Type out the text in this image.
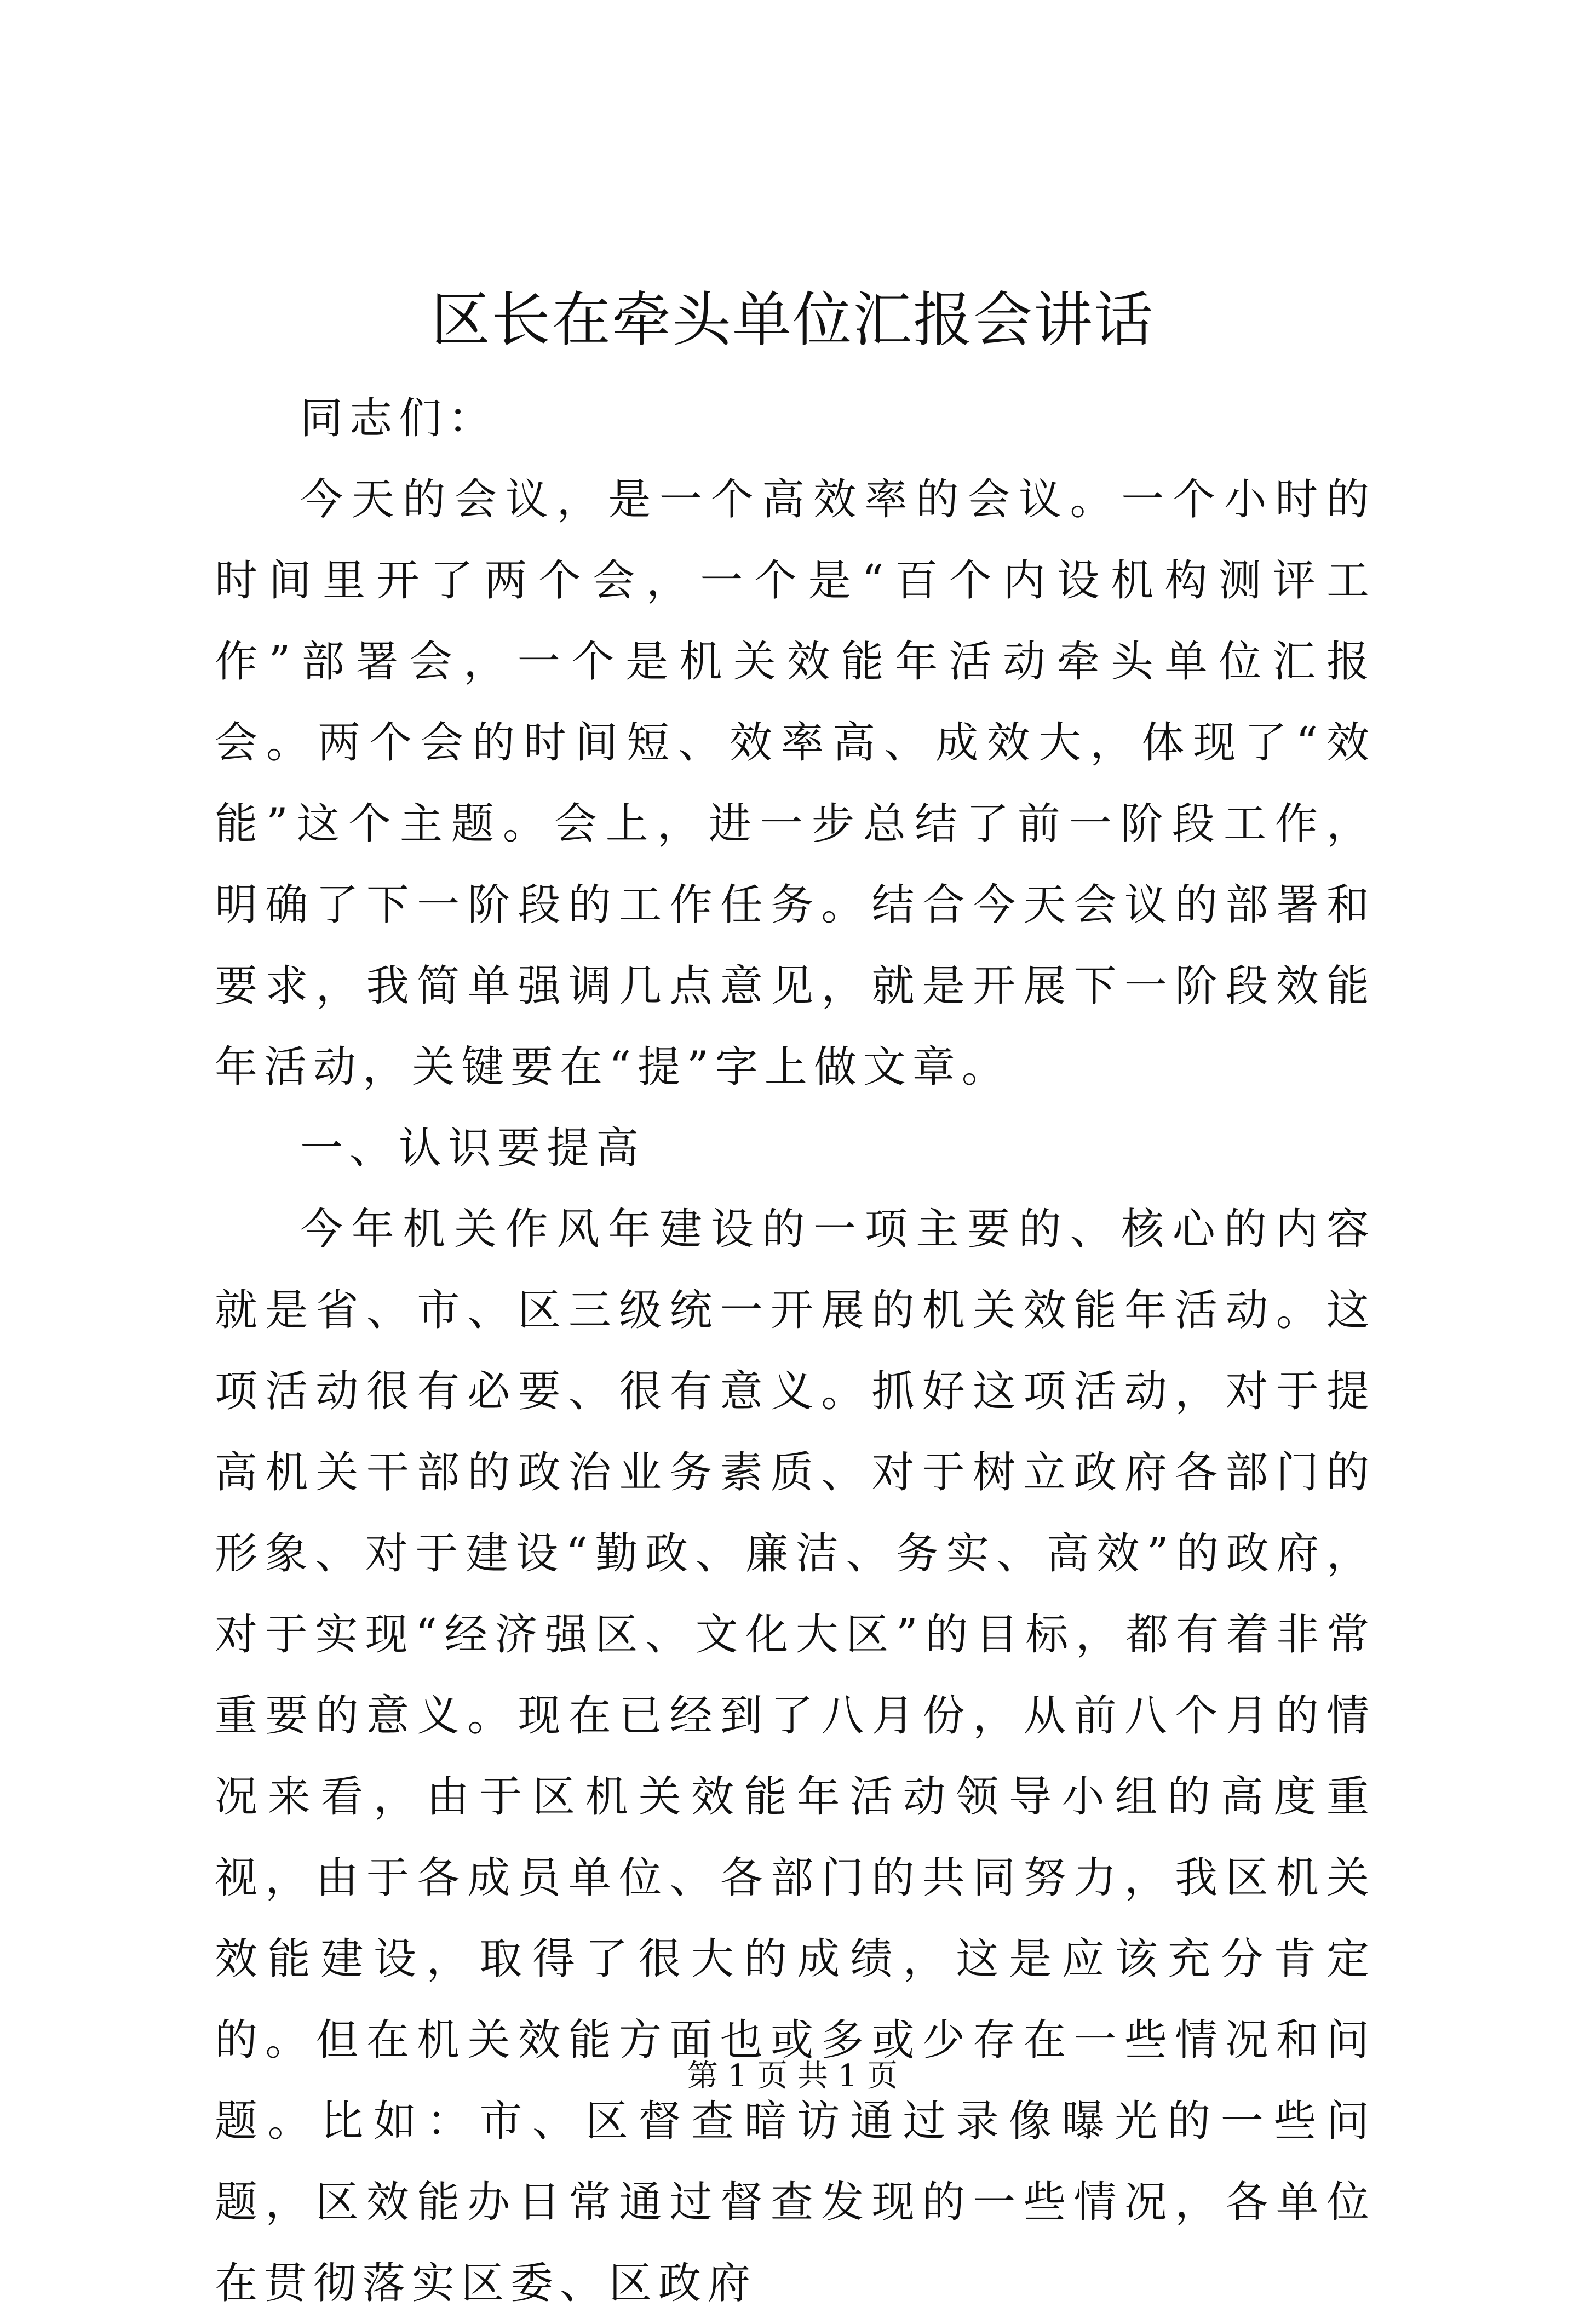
区长在牵头单位汇报会讲话

同志们：

今天的会议，是一个高效率的会议。一个小时的时间里开了两个会，一个是“百个内设机构测评工作”部署会，一个是机关效能年活动牵头单位汇报会。两个会的时间短、效率高、成效大，体现了“效能”这个主题。会上，进一步总结了前一阶段工作，明确了下一阶段的工作任务。结合今天会议的部署和要求，我简单强调几点意见，就是开展下一阶段效能年活动，关键要在“提”字上做文章。

一、认识要提高

今年机关作风年建设的一项主要的、核心的内容就是省、市、区三级统一开展的机关效能年活动。这项活动很有必要、很有意义。抓好这项活动，对于提高机关干部的政治业务素质、对于树立政府各部门的形象、对于建设“勤政、廉洁、务实、高效”的政府，对于实现“经济强区、文化大区”的目标，都有着非常重要的意义。现在已经到了八月份，从前八个月的情况来看，由于区机关效能年活动领导小组的高度重视，由于各成员单位、各部门的共同努力，我区机关效能建设，取得了很大的成绩，这是应该充分肯定的。但在机关效能方面也或多或少存在一些情况和问题。比如：市、区督查暗访通过录像曝光的一些问题，区效能办日常通过督查发现的一些情况，各单位在贯彻落实区委、区政府

第 1 页 共 1 页
